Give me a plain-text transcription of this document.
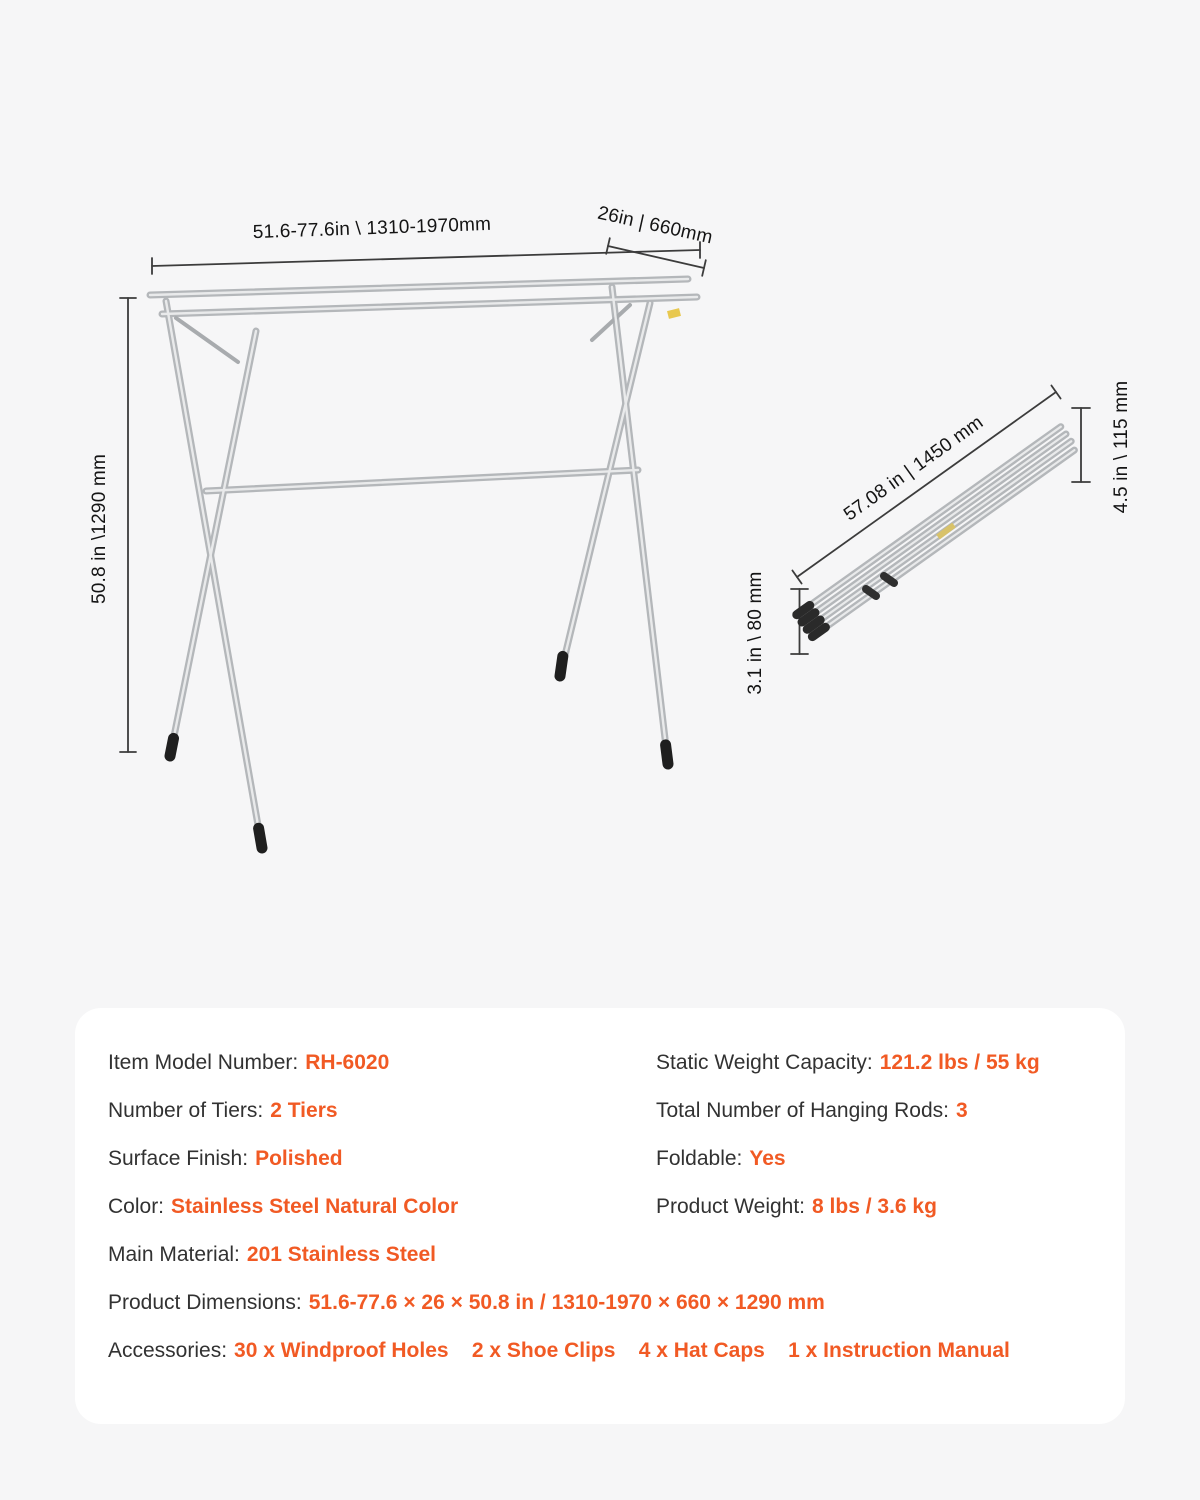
51.6-77.6in \ 1310-1970mm	26in | 660mm
50.8 in \1290 mm	57.08 in | 1450 mm	4.5 in \ 115 mm
3.1 in \ 80 mm
Item Model Number: RH-6020	Static Weight Capacity: 121.2 lbs / 55 kg
Number of Tiers: 2 Tiers	Total Number of Hanging Rods: 3
Surface Finish: Polished	Foldable: Yes
Color: Stainless Steel Natural Color	Product Weight: 8 lbs / 3.6 kg
Main Material: 201 Stainless Steel
Product Dimensions: 51.6-77.6 × 26 × 50.8 in / 1310-1970 × 660 × 1290 mm
Accessories: 30 x Windproof Holes    2 x Shoe Clips    4 x Hat Caps    1 x Instruction Manual
